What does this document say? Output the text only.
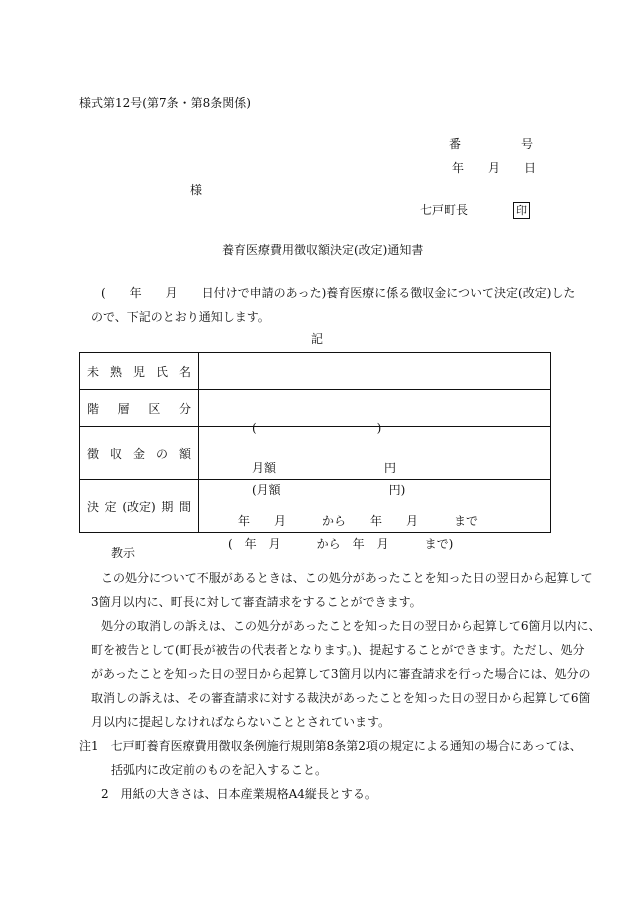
様式第12号(第7条・第8条関係)
番　　　　　号
年　　月　　日
様
七戸町長	印
養育医療費用徴収額決定(改定)通知書
(　　年　　月　　日付けで申請のあった)養育医療に係る徴収金について決定(改定)した
ので、下記のとおり通知します。
記
未 熟 児 氏 名	

階 層 区 分	(　　　　　　　　　　)

徴 収 金 の 額	月額　　　　　　　　　円
(月額　　　　　　　　　円)

決 定 (改定) 期 間	年　　月　　　から　　年　　月　　　まで
(　年　月　　　から　年　月　　　まで)
教示
この処分について不服があるときは、この処分があったことを知った日の翌日から起算して
3箇月以内に、町長に対して審査請求をすることができます。
処分の取消しの訴えは、この処分があったことを知った日の翌日から起算して6箇月以内に、
町を被告として(町長が被告の代表者となります。)、提起することができます。ただし、処分
があったことを知った日の翌日から起算して3箇月以内に審査請求を行った場合には、処分の
取消しの訴えは、その審査請求に対する裁決があったことを知った日の翌日から起算して6箇
月以内に提起しなければならないこととされています。
注1　七戸町養育医療費用徴収条例施行規則第8条第2項の規定による通知の場合にあっては、
括弧内に改定前のものを記入すること。
2　用紙の大きさは、日本産業規格A4縦長とする。
